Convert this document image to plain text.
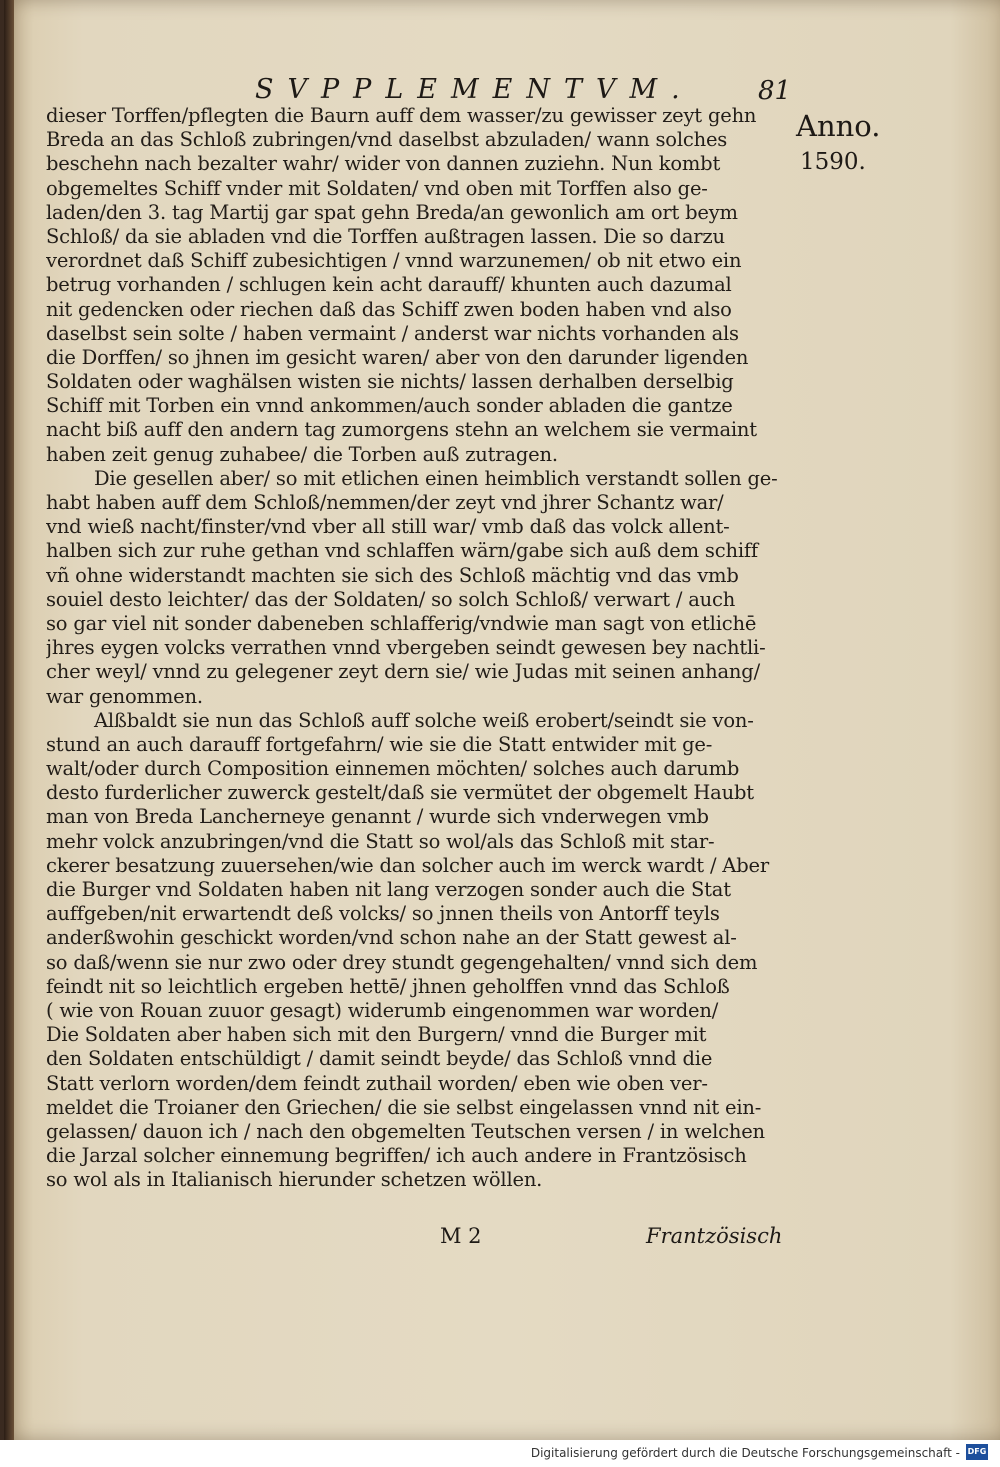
SVPPLEMENTVM. 81
Anno.
1590.
dieser Torffen/pflegten die Baurn auff dem wasser/zu gewisser zeyt gehn
Breda an das Schloß zubringen/vnd daselbst abzuladen/ wann solches
beschehn nach bezalter wahr/ wider von dannen zuziehn. Nun kombt
obgemeltes Schiff vnder mit Soldaten/ vnd oben mit Torffen also ge-
laden/den 3. tag Martij gar spat gehn Breda/an gewonlich am ort beym
Schloß/ da sie abladen vnd die Torffen außtragen lassen. Die so darzu
verordnet daß Schiff zubesichtigen / vnnd warzunemen/ ob nit etwo ein
betrug vorhanden / schlugen kein acht darauff/ khunten auch dazumal
nit gedencken oder riechen daß das Schiff zwen boden haben vnd also
daselbst sein solte / haben vermaint / anderst war nichts vorhanden als
die Dorffen/ so jhnen im gesicht waren/ aber von den darunder ligenden
Soldaten oder waghälsen wisten sie nichts/ lassen derhalben derselbig
Schiff mit Torben ein vnnd ankommen/auch sonder abladen die gantze
nacht biß auff den andern tag zumorgens stehn an welchem sie vermaint
haben zeit genug zuhabee/ die Torben auß zutragen.
Die gesellen aber/ so mit etlichen einen heimblich verstandt sollen ge-
habt haben auff dem Schloß/nemmen/der zeyt vnd jhrer Schantz war/
vnd wieß nacht/finster/vnd vber all still war/ vmb daß das volck allent-
halben sich zur ruhe gethan vnd schlaffen wärn/gabe sich auß dem schiff
vñ ohne widerstandt machten sie sich des Schloß mächtig vnd das vmb
souiel desto leichter/ das der Soldaten/ so solch Schloß/ verwart / auch
so gar viel nit sonder dabeneben schlafferig/vndwie man sagt von etlichē
jhres eygen volcks verrathen vnnd vbergeben seindt gewesen bey nachtli-
cher weyl/ vnnd zu gelegener zeyt dern sie/ wie Judas mit seinen anhang/
war genommen.
Alßbaldt sie nun das Schloß auff solche weiß erobert/seindt sie von-
stund an auch darauff fortgefahrn/ wie sie die Statt entwider mit ge-
walt/oder durch Composition einnemen möchten/ solches auch darumb
desto furderlicher zuwerck gestelt/daß sie vermütet der obgemelt Haubt
man von Breda Lancherneye genannt / wurde sich vnderwegen vmb
mehr volck anzubringen/vnd die Statt so wol/als das Schloß mit star-
ckerer besatzung zuuersehen/wie dan solcher auch im werck wardt / Aber
die Burger vnd Soldaten haben nit lang verzogen sonder auch die Stat
auffgeben/nit erwartendt deß volcks/ so jnnen theils von Antorff teyls
anderßwohin geschickt worden/vnd schon nahe an der Statt gewest al-
so daß/wenn sie nur zwo oder drey stundt gegengehalten/ vnnd sich dem
feindt nit so leichtlich ergeben hettē/ jhnen geholffen vnnd das Schloß
( wie von Rouan zuuor gesagt) widerumb eingenommen war worden/
Die Soldaten aber haben sich mit den Burgern/ vnnd die Burger mit
den Soldaten entschüldigt / damit seindt beyde/ das Schloß vnnd die
Statt verlorn worden/dem feindt zuthail worden/ eben wie oben ver-
meldet die Troianer den Griechen/ die sie selbst eingelassen vnnd nit ein-
gelassen/ dauon ich / nach den obgemelten Teutschen versen / in welchen
die Jarzal solcher einnemung begriffen/ ich auch andere in Frantzösisch
so wol als in Italianisch hierunder schetzen wöllen.
M 2	Frantzösisch
Digitalisierung gefördert durch die Deutsche Forschungsgemeinschaft - DFG
